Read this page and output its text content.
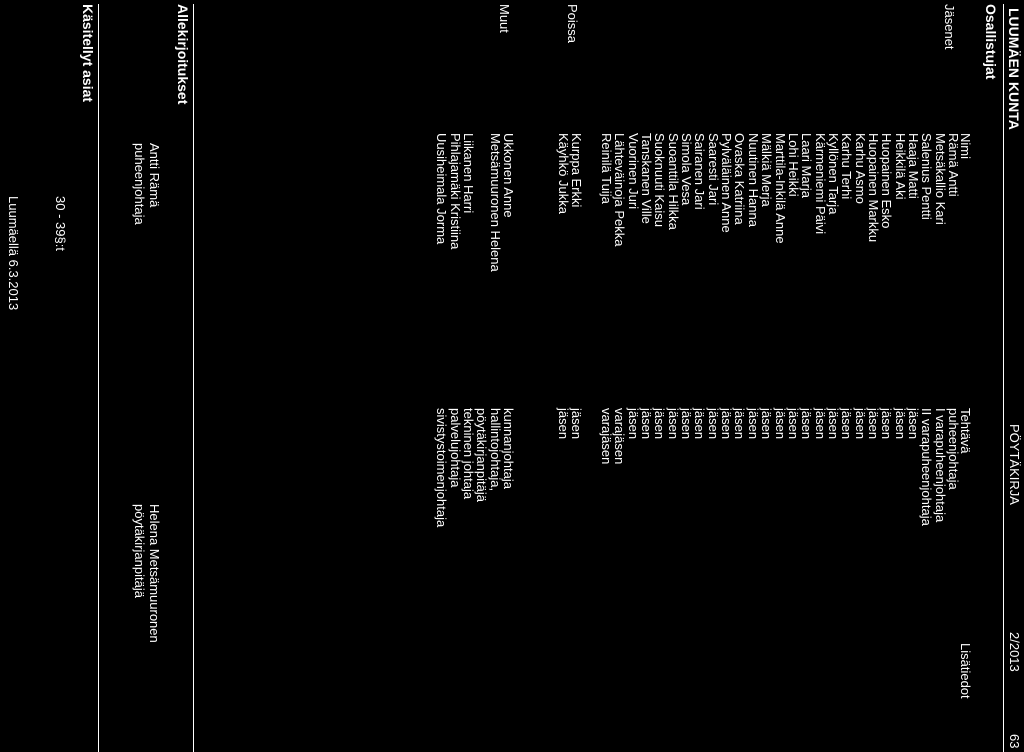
LUUMÄEN KUNTA
PÖYTÄKIRJA
2/2013
63
Osallistujat
Nimi
Tehtävä
Lisätiedot
Jäsenet
Rämä Antti
Metsäkallio Kari
Salenius Pentti
Haaja Matti
Heikkilä Aki
Huopainen Esko
Huopainen Markku
Karhu Asmo
Karhu Terhi
Kyllönen Tarja
Kärmeniemi Päivi
Laari Marja
Lohi Heikki
Marttila-Inkilä Anne
Mälkiä Merja
Nuutinen Hanna
Ovaska Katriina
Pylväläinen Anne
Saaresti Jari
Sairanen Jari
Simola Vesa
Suoanttila Hilkka
Suoknuuti Kaisu
Tanskanen Ville
Vuorinen Juri
Lähteväinoja Pekka
Reinilä Tuija
puheenjohtaja
I varapuheenjohtaja
II varapuheenjohtaja
jäsen
jäsen
jäsen
jäsen
jäsen
jäsen
jäsen
jäsen
jäsen
jäsen
jäsen
jäsen
jäsen
jäsen
jäsen
jäsen
jäsen
jäsen
jäsen
jäsen
jäsen
jäsen
varajäsen
varajäsen
Poissa
Kurppa Erkki
Käyhkö Jukka
jäsen
jäsen
Muut
Ukkonen Anne
Metsämuuronen Helena
Liikanen Harri
Pihlajamäki Kristiina
Uusiheimala Jorma
kunnanjohtaja
hallintojohtaja,
pöytäkirjanpitäjä
tekninen johtaja
palvelujohtaja
sivistystoimenjohtaja
Allekirjoitukset
Antti Rämä
puheenjohtaja
Helena Metsämuuronen
pöytäkirjanpitäjä
Käsitellyt asiat
30 - 39§:t
Luumäellä 6.3.2013
